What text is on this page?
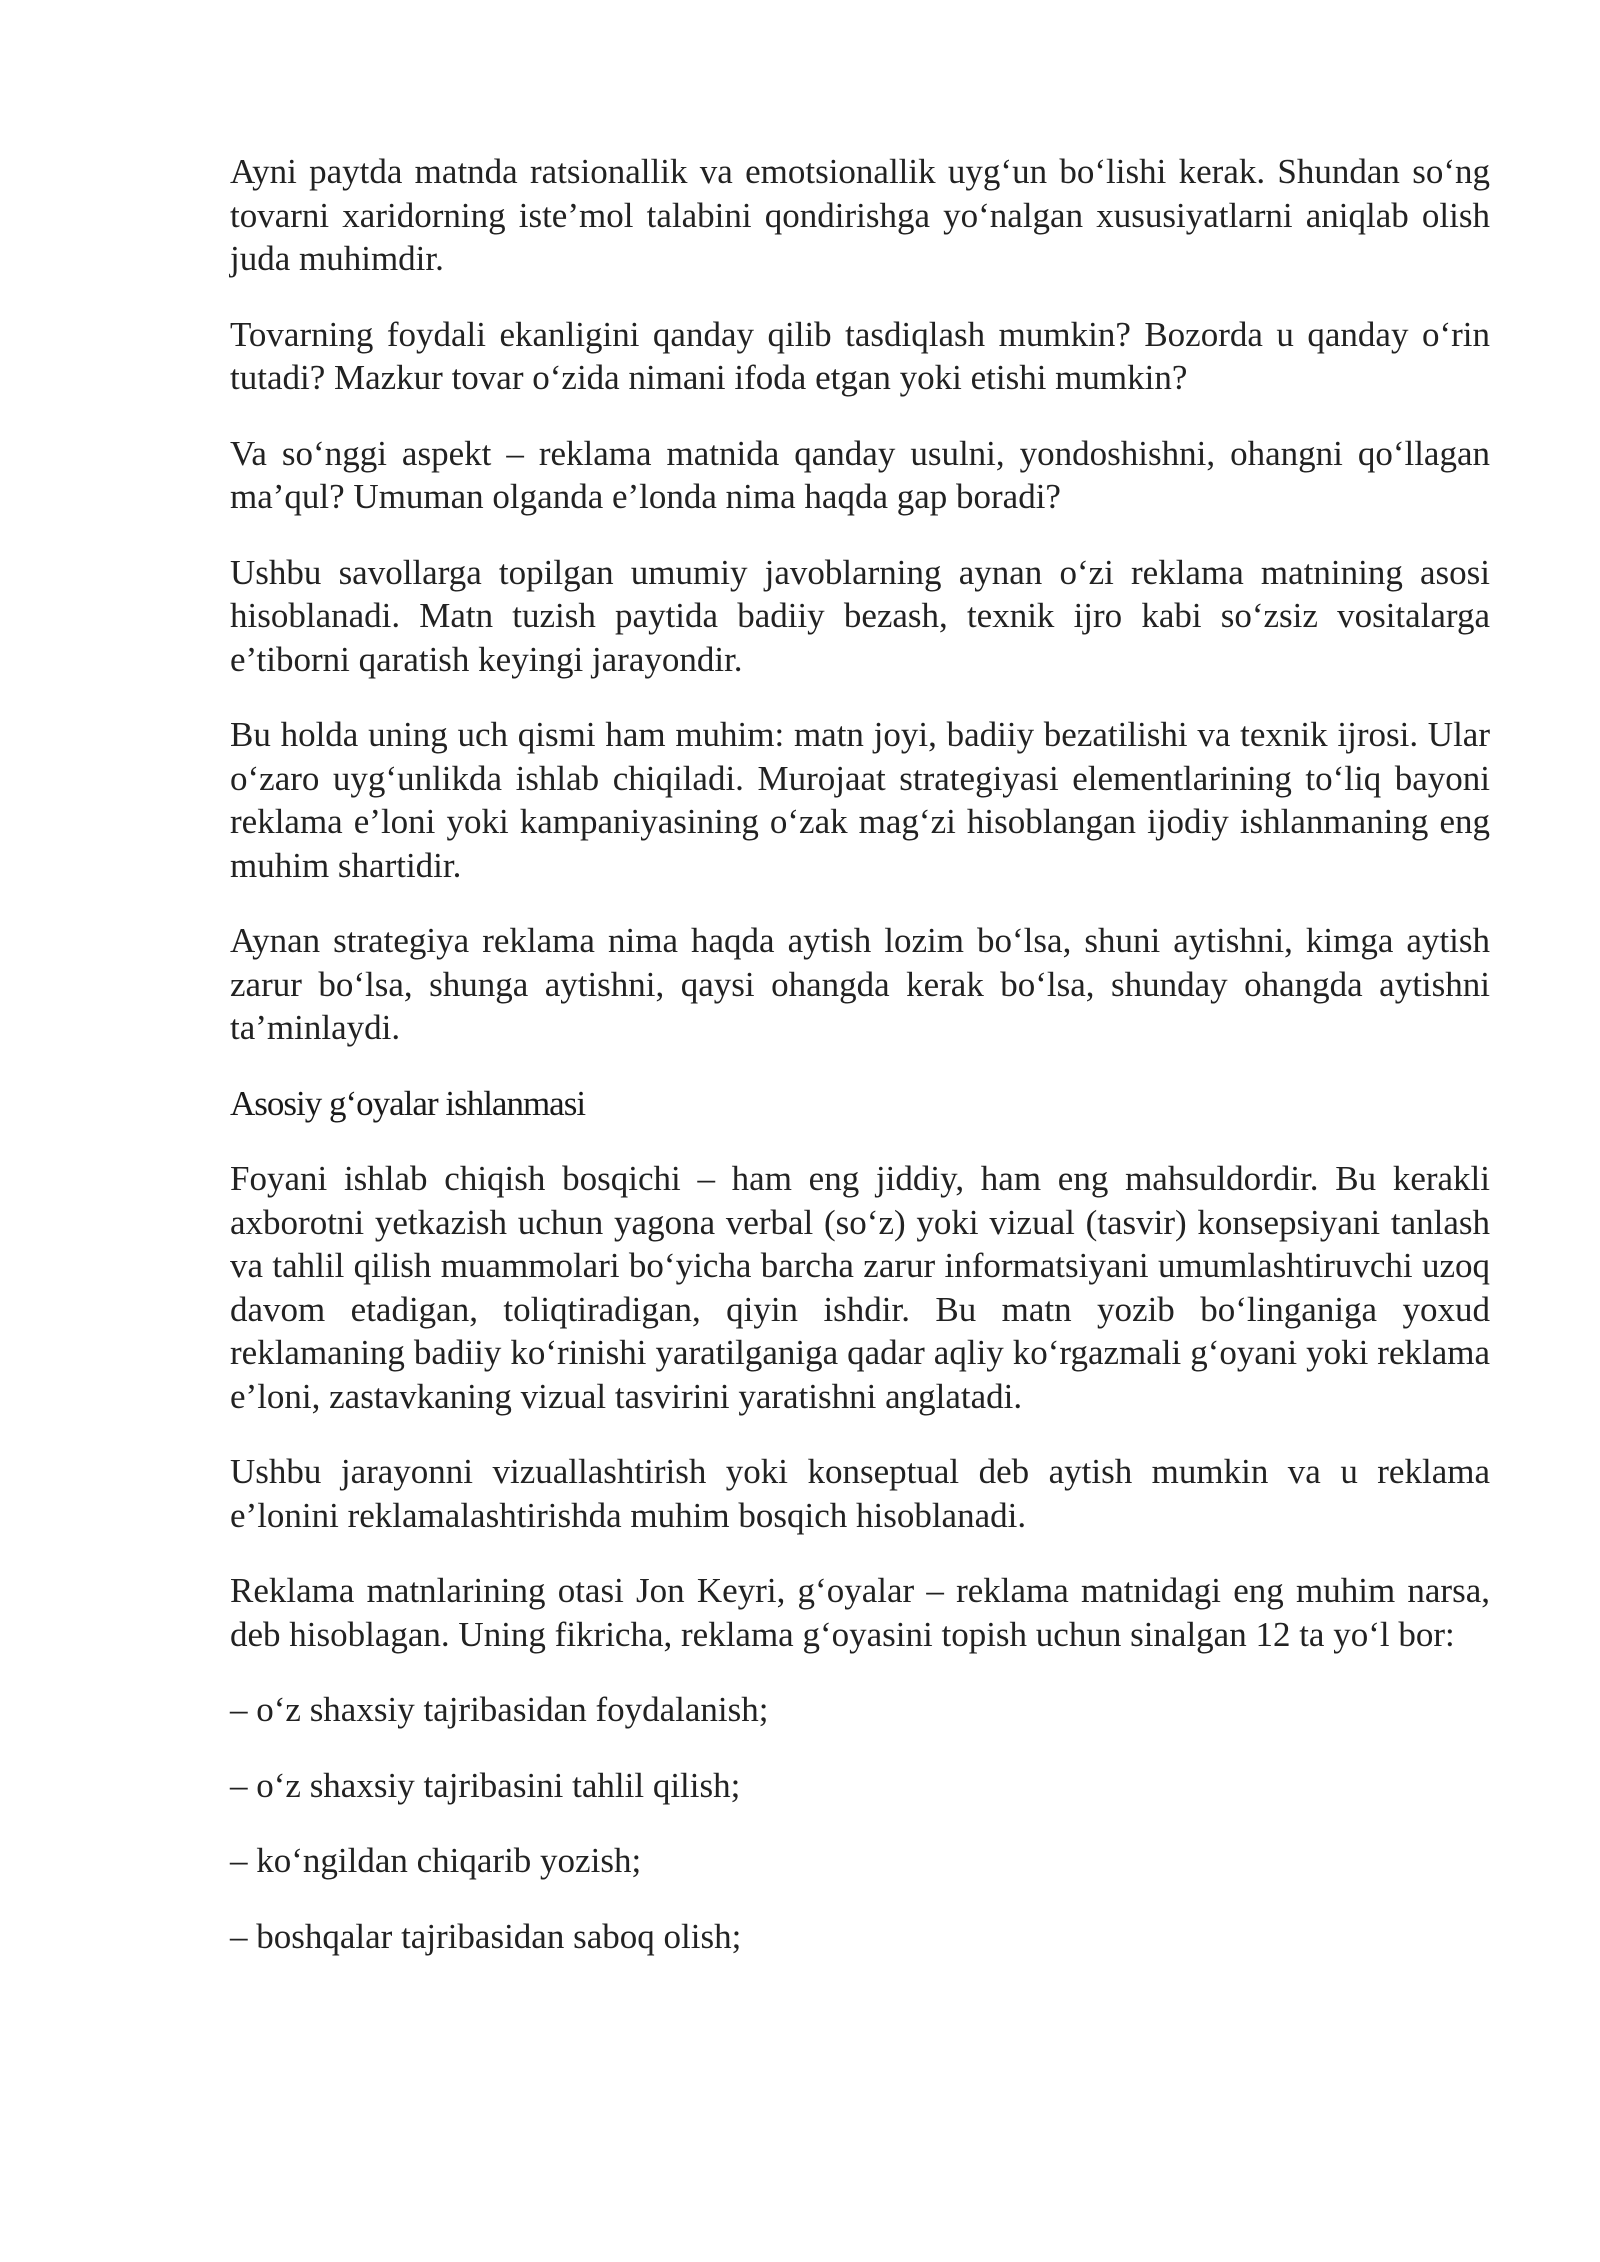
Ayni paytda matnda ratsionallik va emotsionallik uyg‘un bo‘lishi kerak. Shundan so‘ng tovarni xaridorning iste’mol talabini qondirishga yo‘nalgan xususiyatlarni aniqlab olish juda muhimdir.

Tovarning foydali ekanligini qanday qilib tasdiqlash mumkin? Bozorda u qanday o‘rin tutadi? Mazkur tovar o‘zida nimani ifoda etgan yoki etishi mumkin?

Va so‘nggi aspekt – reklama matnida qanday usulni, yondoshishni, ohangni qo‘llagan ma’qul? Umuman olganda e’londa nima haqda gap boradi?

Ushbu savollarga topilgan umumiy javoblarning aynan o‘zi reklama matnining asosi hisoblanadi. Matn tuzish paytida badiiy bezash, texnik ijro kabi so‘zsiz vositalarga e’tiborni qaratish keyingi jarayondir.

Bu holda uning uch qismi ham muhim: matn joyi, badiiy bezatilishi va texnik ijrosi. Ular o‘zaro uyg‘unlikda ishlab chiqiladi. Murojaat strategiyasi elementlarining to‘liq bayoni reklama e’loni yoki kampaniyasining o‘zak mag‘zi hisoblangan ijodiy ishlanmaning eng muhim shartidir.

Aynan strategiya reklama nima haqda aytish lozim bo‘lsa, shuni aytishni, kimga aytish zarur bo‘lsa, shunga aytishni, qaysi ohangda kerak bo‘lsa, shunday ohangda aytishni ta’minlaydi.

Asosiy g‘oyalar ishlanmasi

Foyani ishlab chiqish bosqichi – ham eng jiddiy, ham eng mahsuldordir. Bu kerakli axborotni yetkazish uchun yagona verbal (so‘z) yoki vizual (tasvir) konsepsiyani tanlash va tahlil qilish muammolari bo‘yicha barcha zarur informatsiyani umumlashtiruvchi uzoq davom etadigan, toliqtiradigan, qiyin ishdir. Bu matn yozib bo‘linganiga yoxud reklamaning badiiy ko‘rinishi yaratilganiga qadar aqliy ko‘rgazmali g‘oyani yoki reklama e’loni, zastavkaning vizual tasvirini yaratishni anglatadi.

Ushbu jarayonni vizuallashtirish yoki konseptual deb aytish mumkin va u reklama e’lonini reklamalashtirishda muhim bosqich hisoblanadi.

Reklama matnlarining otasi Jon Keyri, g‘oyalar – reklama matnidagi eng muhim narsa, deb hisoblagan. Uning fikricha, reklama g‘oyasini topish uchun sinalgan 12 ta yo‘l bor:

– o‘z shaxsiy tajribasidan foydalanish;

– o‘z shaxsiy tajribasini tahlil qilish;

– ko‘ngildan chiqarib yozish;

– boshqalar tajribasidan saboq olish;
